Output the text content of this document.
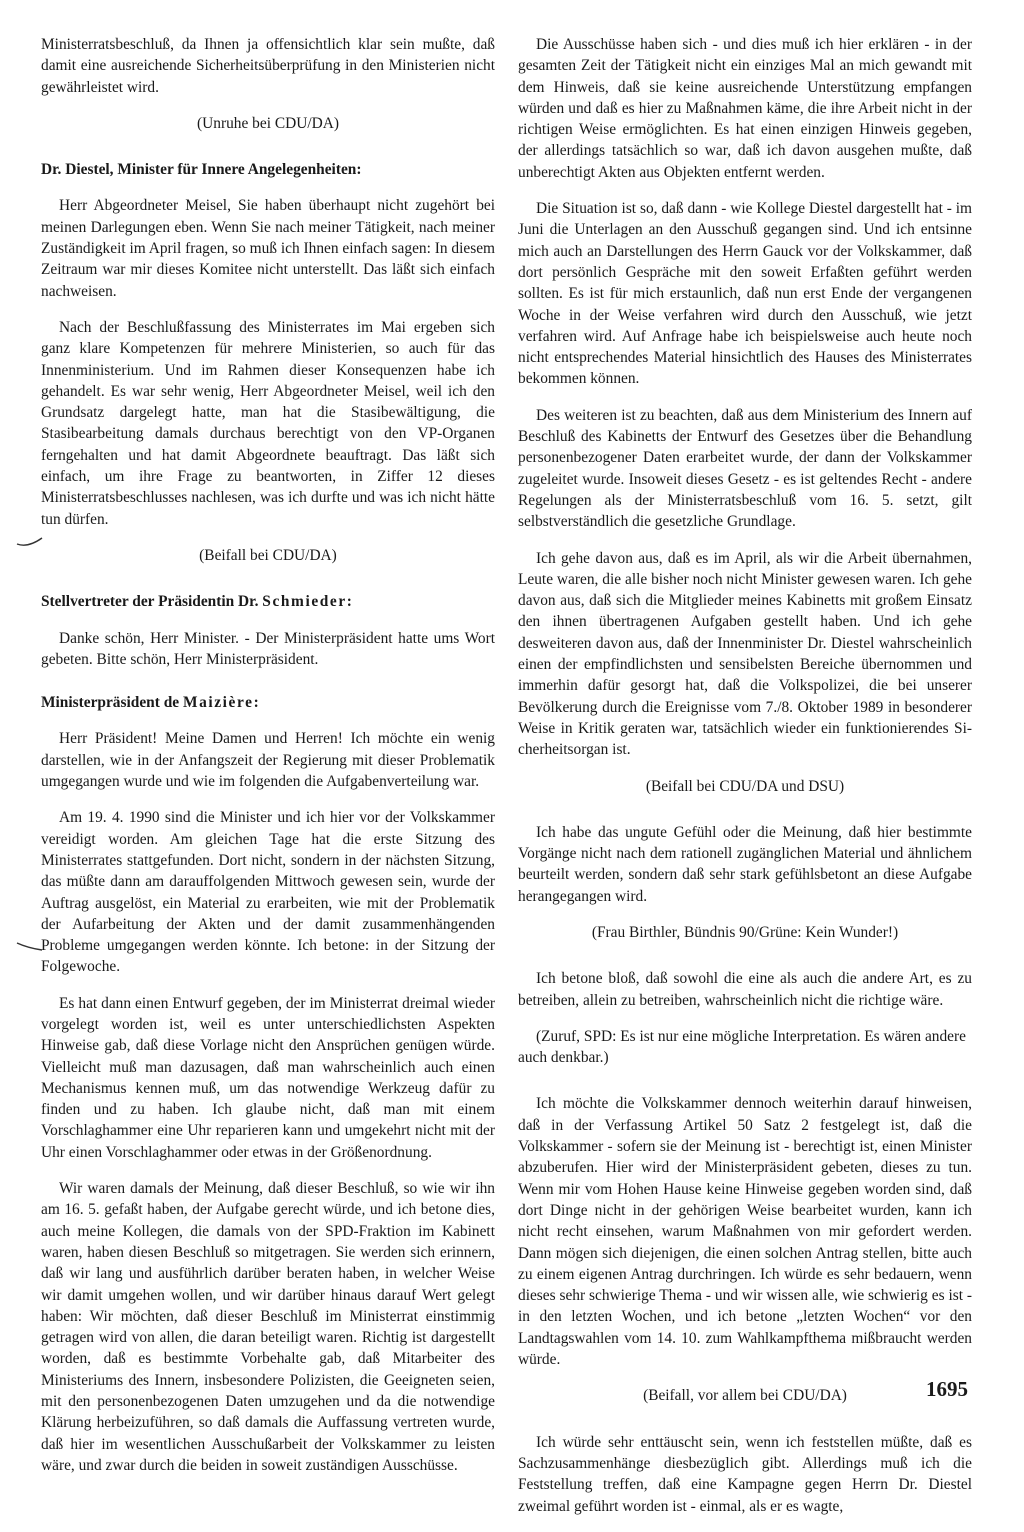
Ministerratsbeschluß, da Ihnen ja offensichtlich klar sein mußte, daß damit eine ausreichende Sicherheitsüberprüfung in den Ministerien nicht gewährleistet wird.

(Unruhe bei CDU/DA)

Dr. Diestel, Minister für Innere Angelegenheiten:

Herr Abgeordneter Meisel, Sie haben überhaupt nicht zugehört bei meinen Darlegungen eben. Wenn Sie nach meiner Tätigkeit, nach meiner Zuständigkeit im April fragen, so muß ich Ihnen einfach sagen: In diesem Zeitraum war mir dieses Komitee nicht unterstellt. Das läßt sich einfach nachweisen.

Nach der Beschlußfassung des Ministerrates im Mai ergeben sich ganz klare Kompetenzen für mehrere Ministerien, so auch für das Innenministerium. Und im Rahmen dieser Konsequenzen habe ich gehandelt. Es war sehr wenig, Herr Abgeordneter Meisel, weil ich den Grundsatz dargelegt hatte, man hat die Stasibewältigung, die Stasibearbeitung damals durchaus berechtigt von den VP-Organen ferngehalten und hat damit Abgeordnete beauftragt. Das läßt sich einfach, um ihre Frage zu beantworten, in Ziffer 12 dieses Ministerratsbeschlusses nachlesen, was ich durfte und was ich nicht hätte tun dürfen.

(Beifall bei CDU/DA)

Stellvertreter der Präsidentin Dr. Schmieder:

Danke schön, Herr Minister. - Der Ministerpräsident hatte ums Wort gebeten. Bitte schön, Herr Ministerpräsident.

Ministerpräsident de Maizière:

Herr Präsident! Meine Damen und Herren! Ich möchte ein wenig darstellen, wie in der Anfangszeit der Regierung mit dieser Problematik umgegangen wurde und wie im folgenden die Aufgabenverteilung war.

Am 19. 4. 1990 sind die Minister und ich hier vor der Volkskammer vereidigt worden. Am gleichen Tage hat die erste Sitzung des Ministerrates stattgefunden. Dort nicht, sondern in der nächsten Sitzung, das müßte dann am darauffolgenden Mittwoch gewesen sein, wurde der Auftrag ausgelöst, ein Material zu erarbeiten, wie mit der Problematik der Aufarbeitung der Akten und der damit zusammenhängenden Probleme umgegangen werden könnte. Ich betone: in der Sitzung der Folgewoche.

Es hat dann einen Entwurf gegeben, der im Ministerrat dreimal wieder vorgelegt worden ist, weil es unter unterschiedlichsten Aspekten Hinweise gab, daß diese Vorlage nicht den Ansprüchen genügen würde. Vielleicht muß man dazusagen, daß man wahrscheinlich auch einen Mechanismus kennen muß, um das notwendige Werkzeug dafür zu finden und zu haben. Ich glaube nicht, daß man mit einem Vorschlaghammer eine Uhr reparieren kann und umgekehrt nicht mit der Uhr einen Vorschlaghammer oder etwas in der Größenordnung.

Wir waren damals der Meinung, daß dieser Beschluß, so wie wir ihn am 16. 5. gefaßt haben, der Aufgabe gerecht würde, und ich betone dies, auch meine Kollegen, die damals von der SPD-Fraktion im Kabinett waren, haben diesen Beschluß so mitgetragen. Sie werden sich erinnern, daß wir lang und ausführlich darüber beraten haben, in welcher Weise wir damit umgehen wollen, und wir darüber hinaus darauf Wert gelegt haben: Wir möchten, daß dieser Beschluß im Ministerrat einstimmig getragen wird von allen, die daran beteiligt waren. Richtig ist dargestellt worden, daß es bestimmte Vorbehalte gab, daß Mitarbeiter des Ministeriums des Innern, insbesondere Polizisten, die Geeigneten seien, mit den personenbezogenen Daten umzugehen und da die notwendige Klärung herbeizuführen, so daß damals die Auffassung vertreten wurde, daß hier im wesentlichen Ausschußarbeit der Volkskammer zu leisten wäre, und zwar durch die beiden in soweit zuständigen Ausschüsse.

Die Ausschüsse haben sich - und dies muß ich hier erklären - in der gesamten Zeit der Tätigkeit nicht ein einziges Mal an mich gewandt mit dem Hinweis, daß sie keine ausreichende Unterstützung empfangen würden und daß es hier zu Maßnahmen käme, die ihre Arbeit nicht in der richtigen Weise ermöglichten. Es hat einen einzigen Hinweis gegeben, der allerdings tatsächlich so war, daß ich davon ausgehen mußte, daß unberechtigt Akten aus Objekten entfernt werden.

Die Situation ist so, daß dann - wie Kollege Diestel dargestellt hat - im Juni die Unterlagen an den Ausschuß gegangen sind. Und ich entsinne mich auch an Darstellungen des Herrn Gauck vor der Volkskammer, daß dort persönlich Gespräche mit den soweit Erfaßten geführt werden sollten. Es ist für mich erstaunlich, daß nun erst Ende der vergangenen Woche in der Weise verfahren wird durch den Ausschuß, wie jetzt verfahren wird. Auf Anfrage habe ich beispielsweise auch heute noch nicht entsprechendes Material hinsichtlich des Hauses des Ministerrates bekommen können.

Des weiteren ist zu beachten, daß aus dem Ministerium des Innern auf Beschluß des Kabinetts der Entwurf des Gesetzes über die Behandlung personenbezogener Daten erarbeitet wurde, der dann der Volkskammer zugeleitet wurde. Insoweit dieses Gesetz - es ist geltendes Recht - andere Regelungen als der Ministerratsbeschluß vom 16. 5. setzt, gilt selbstverständlich die gesetzliche Grundlage.

Ich gehe davon aus, daß es im April, als wir die Arbeit übernahmen, Leute waren, die alle bisher noch nicht Minister gewesen waren. Ich gehe davon aus, daß sich die Mitglieder meines Kabinetts mit großem Einsatz den ihnen übertragenen Aufgaben gestellt haben. Und ich gehe desweiteren davon aus, daß der Innenminister Dr. Diestel wahrscheinlich einen der empfindlichsten und sensibelsten Bereiche übernommen und immerhin dafür gesorgt hat, daß die Volkspolizei, die bei unserer Bevölkerung durch die Ereignisse vom 7./8. Oktober 1989 in besonderer Weise in Kritik geraten war, tatsächlich wieder ein funktionierendes Sicherheitsorgan ist.

(Beifall bei CDU/DA und DSU)

Ich habe das ungute Gefühl oder die Meinung, daß hier bestimmte Vorgänge nicht nach dem rationell zugänglichen Material und ähnlichem beurteilt werden, sondern daß sehr stark gefühlsbetont an diese Aufgabe herangegangen wird.

(Frau Birthler, Bündnis 90/Grüne: Kein Wunder!)

Ich betone bloß, daß sowohl die eine als auch die andere Art, es zu betreiben, allein zu betreiben, wahrscheinlich nicht die richtige wäre.

(Zuruf, SPD: Es ist nur eine mögliche Interpretation. Es wären andere auch denkbar.)

Ich möchte die Volkskammer dennoch weiterhin darauf hinweisen, daß in der Verfassung Artikel 50 Satz 2 festgelegt ist, daß die Volkskammer - sofern sie der Meinung ist - berechtigt ist, einen Minister abzuberufen. Hier wird der Ministerpräsident gebeten, dieses zu tun. Wenn mir vom Hohen Hause keine Hinweise gegeben worden sind, daß dort Dinge nicht in der gehörigen Weise bearbeitet wurden, kann ich nicht recht einsehen, warum Maßnahmen von mir gefordert werden. Dann mögen sich diejenigen, die einen solchen Antrag stellen, bitte auch zu einem eigenen Antrag durchringen. Ich würde es sehr bedauern, wenn dieses sehr schwierige Thema - und wir wissen alle, wie schwierig es ist - in den letzten Wochen, und ich betone „letzten Wochen“ vor den Landtagswahlen vom 14. 10. zum Wahlkampfthema mißbraucht werden würde.

(Beifall, vor allem bei CDU/DA)

Ich würde sehr enttäuscht sein, wenn ich feststellen müßte, daß es Sachzusammenhänge diesbezüglich gibt. Allerdings muß ich die Feststellung treffen, daß eine Kampagne gegen Herrn Dr. Diestel zweimal geführt worden ist - einmal, als er es wagte,

1695
